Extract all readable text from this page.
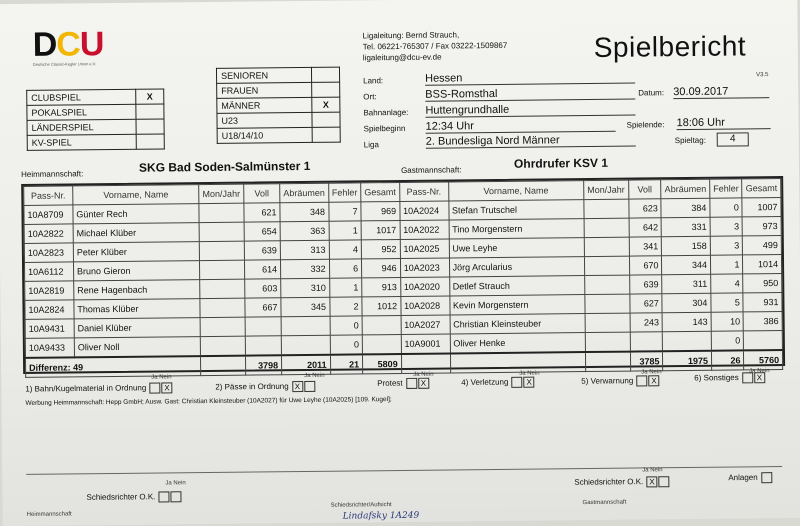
DCU
Deutsche Classic-Kegler Union e.V.
Ligaleitung: Bernd Strauch,
Tel. 06221-765307 / Fax 03222-1509867
ligaleitung@dcu-ev.de	Spielbericht
V3.5
CLUBSPIEL	X
POKALSPIEL	
LÄNDERSPIEL	
KV-SPIEL	
SENIOREN	
FRAUEN	
MÄNNER	X
U23	
U18/14/10	
Land:	Hessen
Ort:	BSS-Romsthal	Datum: 30.09.2017
Bahnanlage: Huttengrundhalle
Spielbeginn 12:34 Uhr	Spielende: 18:06 Uhr
Liga	2. Bundesliga Nord Männer	Spieltag:	4
Heimmannschaft:	SKG Bad Soden-Salmünster 1	Gastmannschaft:	Ohrdrufer KSV 1
Pass-Nr.	Vorname, Name	Mon/Jahr	Voll	Abräumen	Fehler	Gesamt	Pass-Nr.	Vorname, Name	Mon/Jahr	Voll	Abräumen	Fehler	Gesamt
10A8709	Günter Rech		621	348	7	969	10A2024	Stefan Trutschel		623	384	0	1007
10A2822	Michael Klüber		654	363	1	1017	10A2022	Tino Morgenstern		642	331	3	973
10A2823	Peter Klüber		639	313	4	952	10A2025	Uwe Leyhe		341	158	3	499
10A6112	Bruno Gieron		614	332	6	946	10A2023	Jörg Arcularius		670	344	1	1014
10A2819	Rene Hagenbach		603	310	1	913	10A2020	Detlef Strauch		639	311	4	950
10A2824	Thomas Klüber		667	345	2	1012	10A2028	Kevin Morgenstern		627	304	5	931
10A9431	Daniel Klüber				0		10A2027	Christian Kleinsteuber		243	143	10	386
10A9433	Oliver Noll				0		10A9001	Oliver Henke				0	
Differenz: 49			3798	2011	21	5809				3785	1975	26	5760
Ja Nein	Ja Nein	Ja Nein	Ja Nein	Ja Nein	Ja Nein
1) Bahn/Kugelmaterial in Ordnung X	2) Pässe in Ordnung X	Protest X	4) Verletzung X	5) Verwarnung X	6) Sonstiges X
Werbung Heimmannschaft: Hepp GmbH; Ausw. Gast: Christian Kleinsteuber (10A2027) für Uwe Leyhe (10A2025) [109. Kugel];
Ja Nein
Schiedsrichter O.K.
Ja Nein
Schiedsrichter O.K. X	Anlagen
Heimmannschaft
Schiedsrichter/Aufsicht
Lindafsky 1A249
Gastmannschaft
